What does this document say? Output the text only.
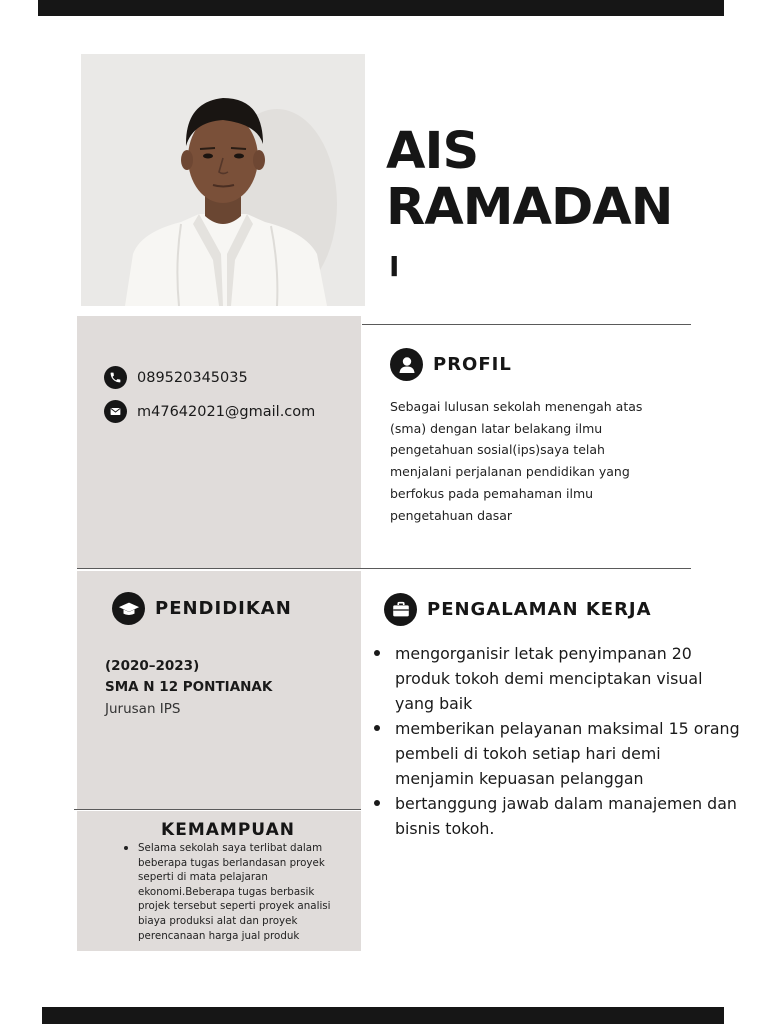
AIS
RAMADAN
I
089520345035
m47642021@gmail.com
PROFIL
Sebagai lulusan sekolah menengah atas
(sma) dengan latar belakang ilmu
pengetahuan sosial(ips)saya telah
menjalani perjalanan pendidikan yang
berfokus pada pemahaman ilmu
pengetahuan dasar
PENDIDIKAN
(2020–2023)
SMA N 12 PONTIANAK
Jurusan IPS
PENGALAMAN KERJA
mengorganisir letak penyimpanan 20
produk tokoh demi menciptakan visual
yang baik
memberikan pelayanan maksimal 15 orang
pembeli di tokoh setiap hari demi
menjamin kepuasan pelanggan
bertanggung jawab dalam manajemen dan
bisnis tokoh.
KEMAMPUAN
Selama sekolah saya terlibat dalam
beberapa tugas berlandasan proyek
seperti di mata pelajaran
ekonomi.Beberapa tugas berbasik
projek tersebut seperti proyek analisi
biaya produksi alat dan proyek
perencanaan harga jual produk
